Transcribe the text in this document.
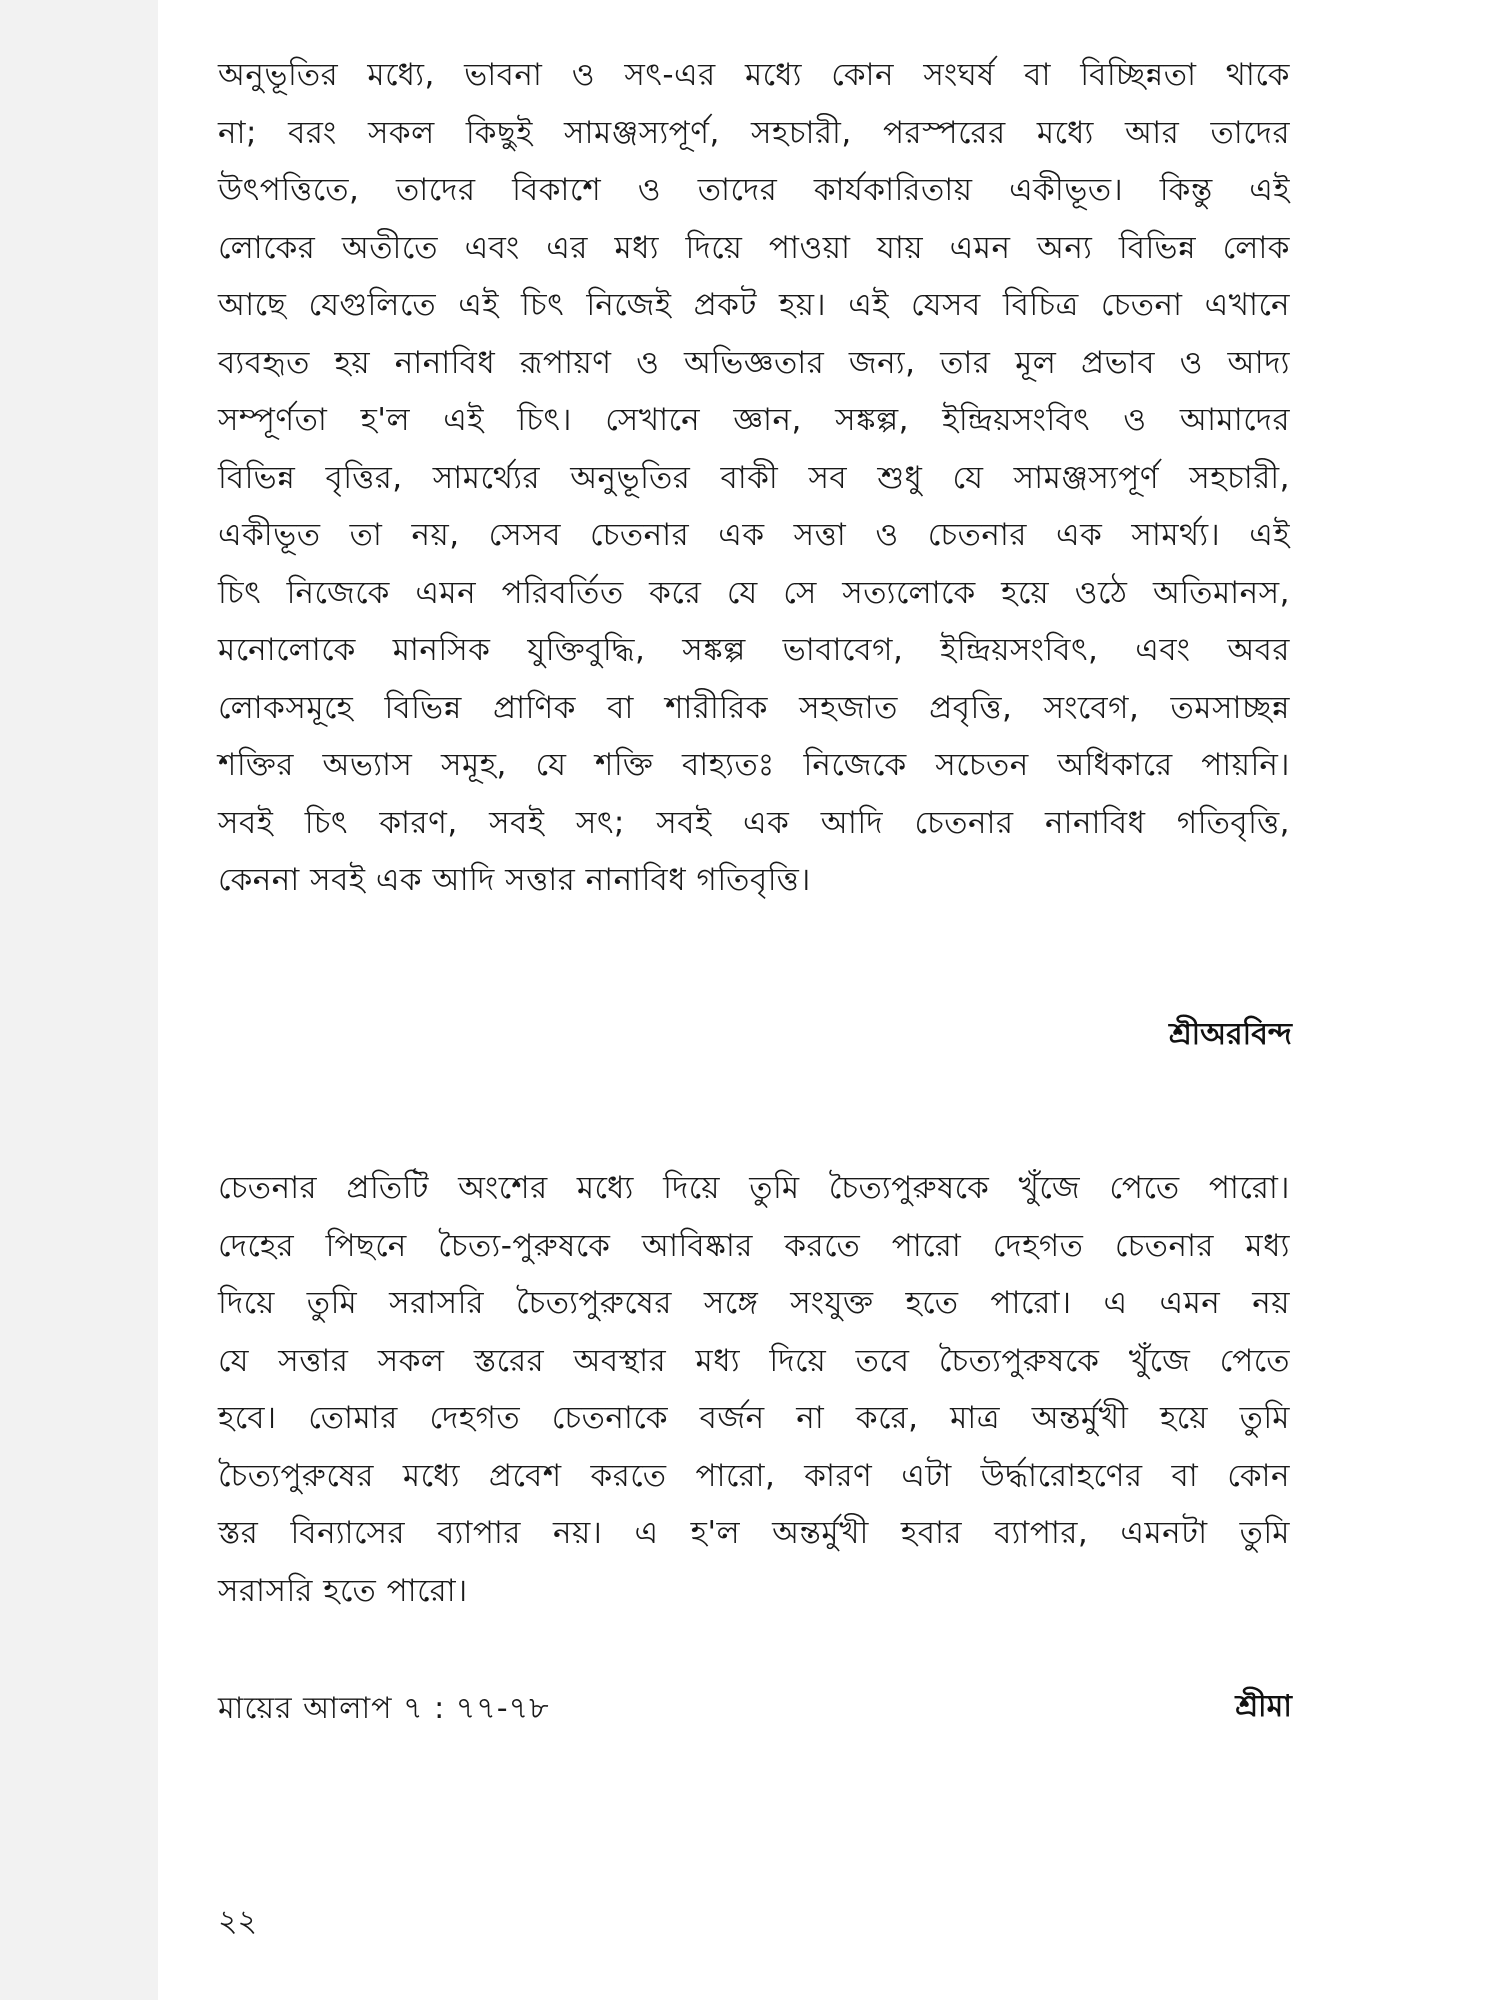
অনুভূতির মধ্যে, ভাবনা ও সৎ-এর মধ্যে কোন সংঘর্ষ বা বিচ্ছিন্নতা থাকে
না; বরং সকল কিছুই সামঞ্জস্যপূর্ণ, সহচারী, পরস্পরের মধ্যে আর তাদের
উৎপত্তিতে, তাদের বিকাশে ও তাদের কার্যকারিতায় একীভূত। কিন্তু এই
লোকের অতীতে এবং এর মধ্য দিয়ে পাওয়া যায় এমন অন্য বিভিন্ন লোক
আছে যেগুলিতে এই চিৎ নিজেই প্রকট হয়। এই যেসব বিচিত্র চেতনা এখানে
ব্যবহৃত হয় নানাবিধ রূপায়ণ ও অভিজ্ঞতার জন্য, তার মূল প্রভাব ও আদ্য
সম্পূর্ণতা হ'ল এই চিৎ। সেখানে জ্ঞান, সঙ্কল্প, ইন্দ্রিয়সংবিৎ ও আমাদের
বিভিন্ন বৃত্তির, সামর্থ্যের অনুভূতির বাকী সব শুধু যে সামঞ্জস্যপূর্ণ সহচারী,
একীভূত তা নয়, সেসব চেতনার এক সত্তা ও চেতনার এক সামর্থ্য। এই
চিৎ নিজেকে এমন পরিবর্তিত করে যে সে সত্যলোকে হয়ে ওঠে অতিমানস,
মনোলোকে মানসিক যুক্তিবুদ্ধি, সঙ্কল্প ভাবাবেগ, ইন্দ্রিয়সংবিৎ, এবং অবর
লোকসমূহে বিভিন্ন প্রাণিক বা শারীরিক সহজাত প্রবৃত্তি, সংবেগ, তমসাচ্ছন্ন
শক্তির অভ্যাস সমূহ, যে শক্তি বাহ্যতঃ নিজেকে সচেতন অধিকারে পায়নি।
সবই চিৎ কারণ, সবই সৎ; সবই এক আদি চেতনার নানাবিধ গতিবৃত্তি,
কেননা সবই এক আদি সত্তার নানাবিধ গতিবৃত্তি।
শ্রীঅরবিন্দ
চেতনার প্রতিটি অংশের মধ্যে দিয়ে তুমি চৈত্যপুরুষকে খুঁজে পেতে পারো।
দেহের পিছনে চৈত্য-পুরুষকে আবিষ্কার করতে পারো দেহগত চেতনার মধ্য
দিয়ে তুমি সরাসরি চৈত্যপুরুষের সঙ্গে সংযুক্ত হতে পারো। এ এমন নয়
যে সত্তার সকল স্তরের অবস্থার মধ্য দিয়ে তবে চৈত্যপুরুষকে খুঁজে পেতে
হবে। তোমার দেহগত চেতনাকে বর্জন না করে, মাত্র অন্তর্মুখী হয়ে তুমি
চৈত্যপুরুষের মধ্যে প্রবেশ করতে পারো, কারণ এটা উর্দ্ধারোহণের বা কোন
স্তর বিন্যাসের ব্যাপার নয়। এ হ'ল অন্তর্মুখী হবার ব্যাপার, এমনটা তুমি
সরাসরি হতে পারো।
মায়ের আলাপ ৭ : ৭৭-৭৮	শ্রীমা
২২
